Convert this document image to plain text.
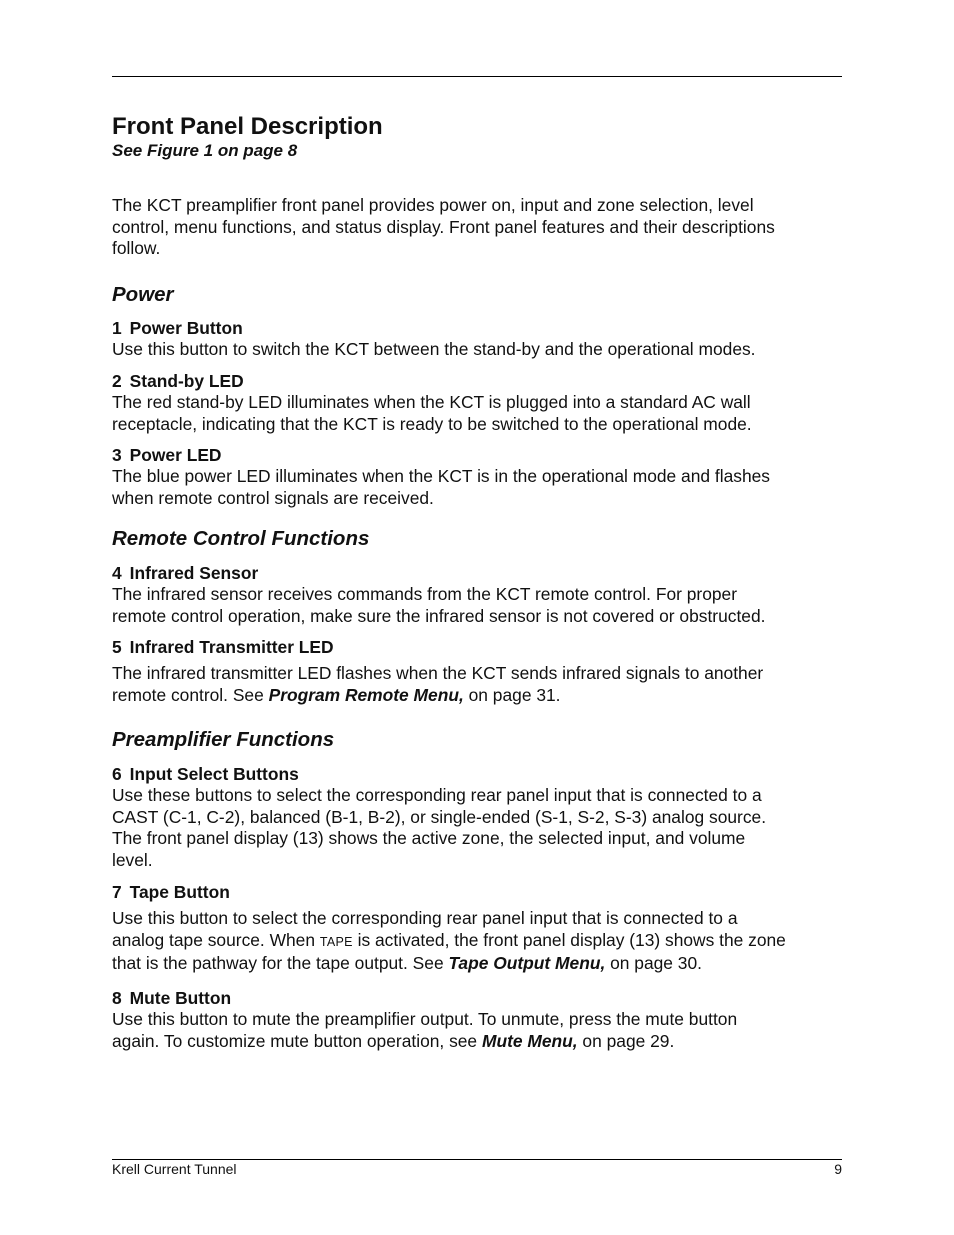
Front Panel Description
See Figure 1 on page 8
The KCT preamplifier front panel provides power on, input and zone selection, level
control, menu functions, and status display. Front panel features and their descriptions
follow.
Power
1 Power Button
Use this button to switch the KCT between the stand-by and the operational modes.
2 Stand-by LED
The red stand-by LED illuminates when the KCT is plugged into a standard AC wall
receptacle, indicating that the KCT is ready to be switched to the operational mode.
3 Power LED
The blue power LED illuminates when the KCT is in the operational mode and flashes
when remote control signals are received.
Remote Control Functions
4 Infrared Sensor
The infrared sensor receives commands from the KCT remote control. For proper
remote control operation, make sure the infrared sensor is not covered or obstructed.
5 Infrared Transmitter LED
The infrared transmitter LED flashes when the KCT sends infrared signals to another
remote control. See Program Remote Menu, on page 31.
Preamplifier Functions
6 Input Select Buttons
Use these buttons to select the corresponding rear panel input that is connected to a
CAST (C-1, C-2), balanced (B-1, B-2), or single-ended (S-1, S-2, S-3) analog source.
The front panel display (13) shows the active zone, the selected input, and volume
level.
7 Tape Button
Use this button to select the corresponding rear panel input that is connected to a
analog tape source. When TAPE is activated, the front panel display (13) shows the zone
that is the pathway for the tape output. See Tape Output Menu, on page 30.
8 Mute Button
Use this button to mute the preamplifier output. To unmute, press the mute button
again. To customize mute button operation, see Mute Menu, on page 29.
Krell Current Tunnel	9
